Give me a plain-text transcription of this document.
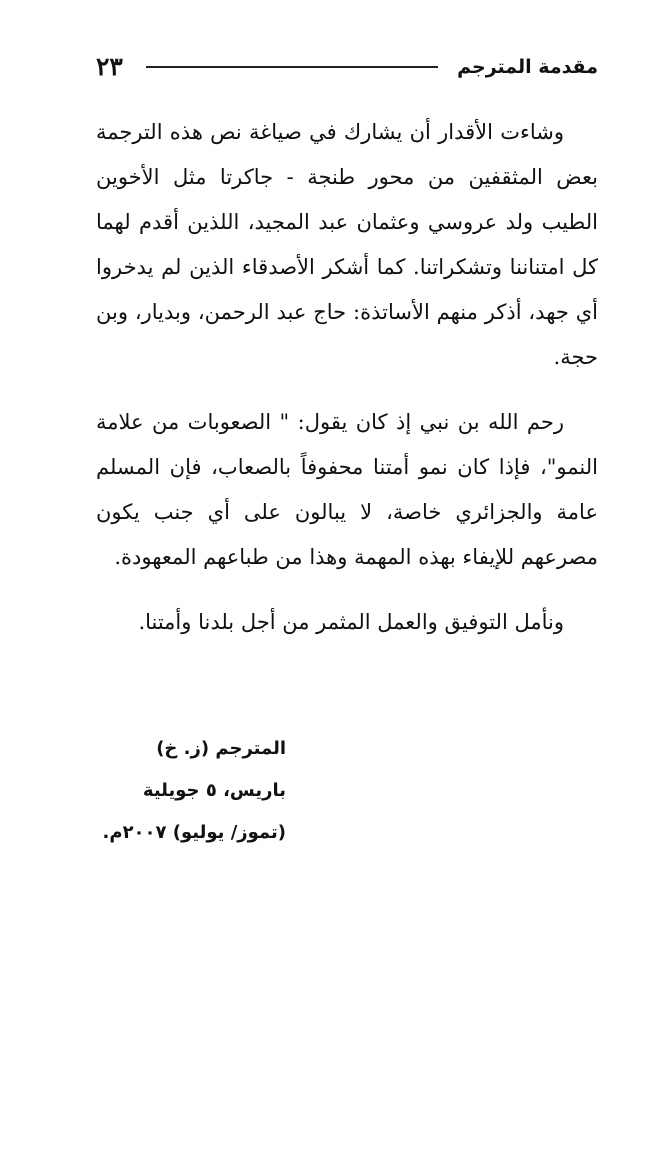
٢٣	مقدمة المترجم

وشاءت الأقدار أن يشارك في صياغة نص هذه الترجمة بعض المثقفين من محور طنجة - جاكرتا مثل الأخوين الطيب ولد عروسي وعثمان عبد المجيد، اللذين أقدم لهما كل امتناننا وتشكراتنا. كما أشكر الأصدقاء الذين لم يدخروا أي جهد، أذكر منهم الأساتذة: حاج عبد الرحمن، وبديار، وبن حجة.

رحم الله بن نبي إذ كان يقول: " الصعوبات من علامة النمو"، فإذا كان نمو أمتنا محفوفاً بالصعاب، فإن المسلم عامة والجزائري خاصة، لا يبالون على أي جنب يكون مصرعهم للإيفاء بهذه المهمة وهذا من طباعهم المعهودة.

ونأمل التوفيق والعمل المثمر من أجل بلدنا وأمتنا.

المترجم (ز. خ)
باريس، ٥ جويلية
(تموز/ يوليو) ٢٠٠٧م.
